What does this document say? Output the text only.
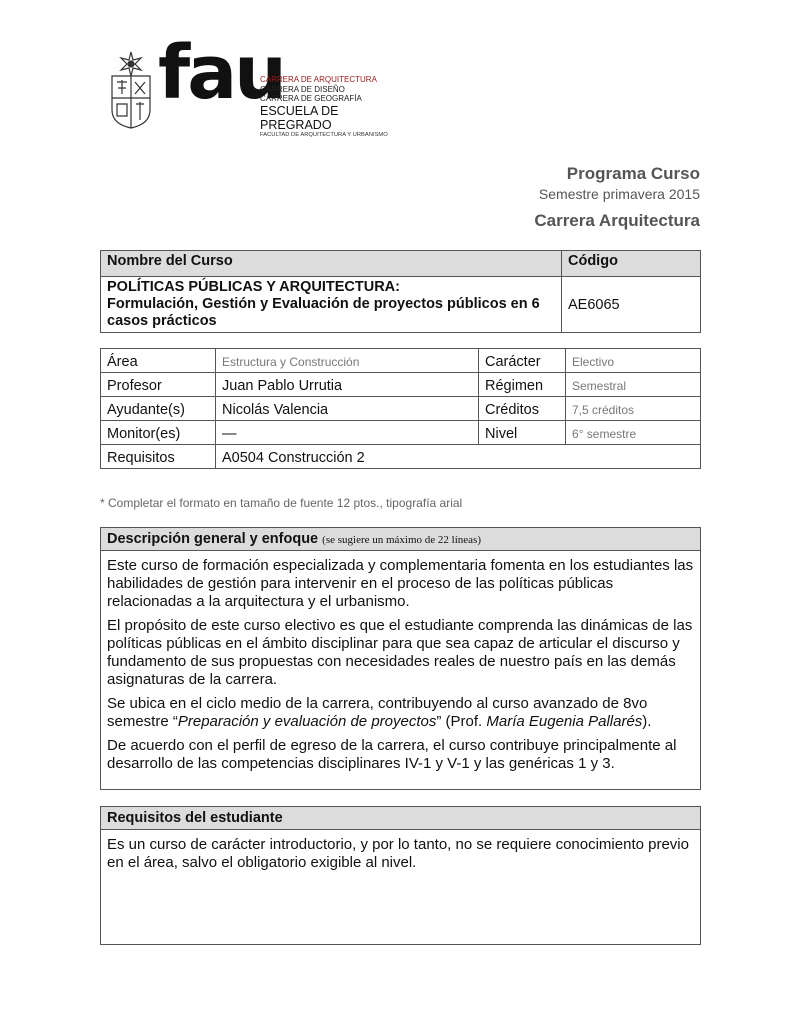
fau
CARRERA DE ARQUITECTURA
CARRERA DE DISEÑO
CARRERA DE GEOGRAFÍA
ESCUELA DE PREGRADO
FACULTAD DE ARQUITECTURA Y URBANISMO
Programa Curso
Semestre primavera 2015
Carrera Arquitectura
Nombre del Curso	Código

POLÍTICAS PÚBLICAS Y ARQUITECTURA:
Formulación, Gestión y Evaluación de proyectos públicos en 6 casos prácticos	AE6065
Área	Estructura y Construcción	Carácter	Electivo
Profesor	Juan Pablo Urrutia	Régimen	Semestral
Ayudante(s)	Nicolás Valencia	Créditos	7,5 créditos
Monitor(es)	—	Nivel	6° semestre
Requisitos	A0504 Construcción 2		
* Completar el formato en tamaño de fuente 12 ptos., tipografía arial
Descripción general y enfoque (se sugiere un máximo de 22 líneas)

Este curso de formación especializada y complementaria fomenta en los estudiantes las habilidades de gestión para intervenir en el proceso de las políticas públicas relacionadas a la arquitectura y el urbanismo.

El propósito de este curso electivo es que el estudiante comprenda las dinámicas de las políticas públicas en el ámbito disciplinar para que sea capaz de articular el discurso y fundamento de sus propuestas con necesidades reales de nuestro país en las demás asignaturas de la carrera.

Se ubica en el ciclo medio de la carrera, contribuyendo al curso avanzado de 8vo semestre “Preparación y evaluación de proyectos” (Prof. María Eugenia Pallarés).

De acuerdo con el perfil de egreso de la carrera, el curso contribuye principalmente al desarrollo de las competencias disciplinares IV-1 y V-1 y las genéricas 1 y 3.

Requisitos del estudiante

Es un curso de carácter introductorio, y por lo tanto, no se requiere conocimiento previo en el área, salvo el obligatorio exigible al nivel.
